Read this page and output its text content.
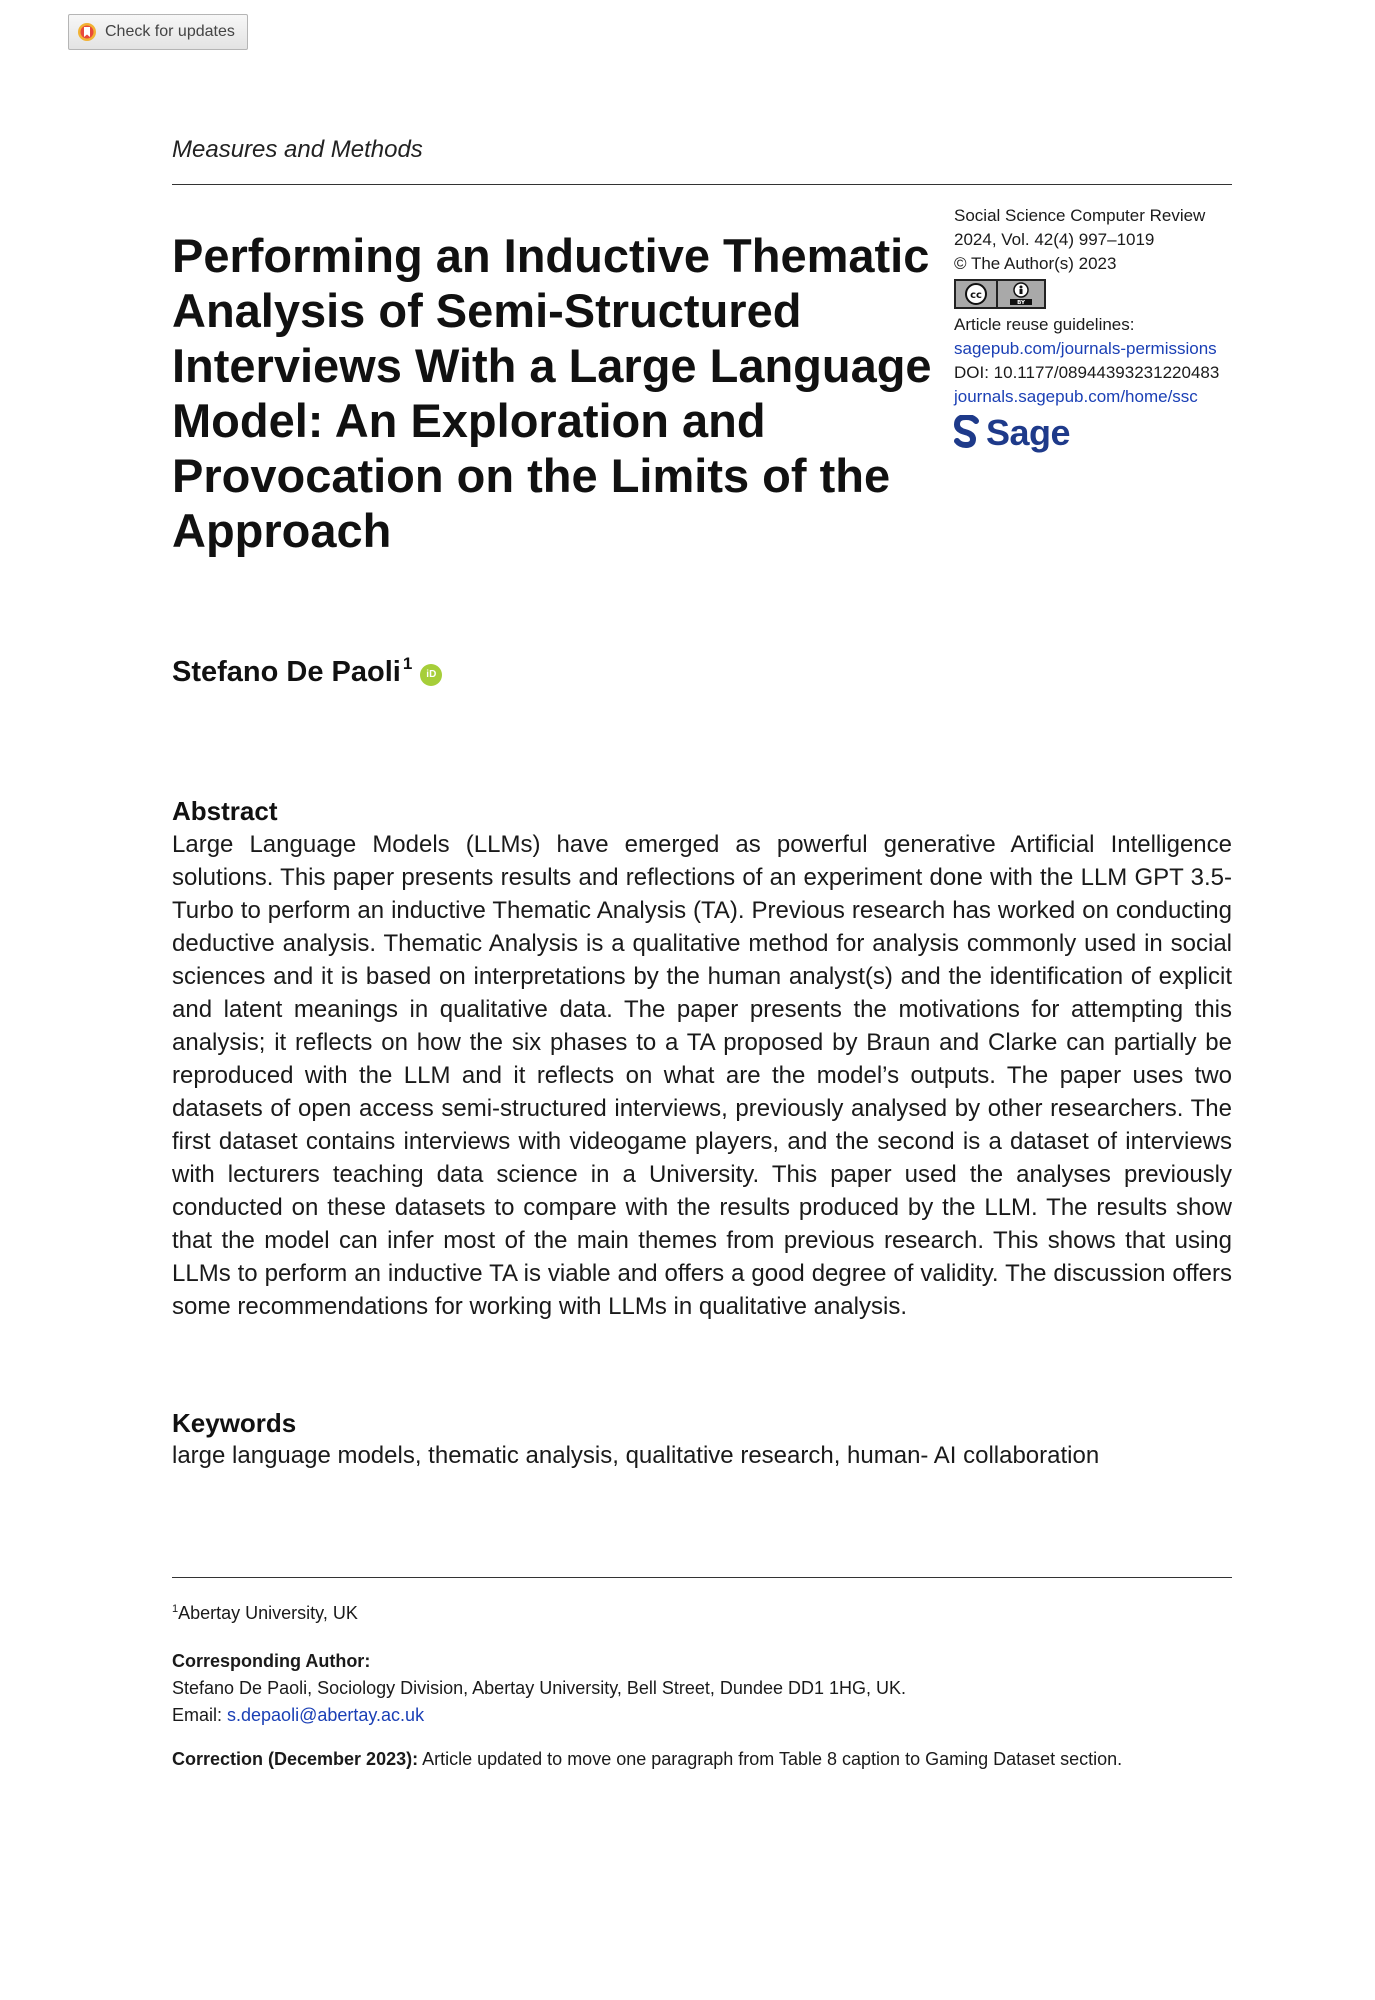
Check for updates
Measures and Methods
Performing an Inductive Thematic Analysis of Semi-Structured Interviews With a Large Language Model: An Exploration and Provocation on the Limits of the Approach
Social Science Computer Review
2024, Vol. 42(4) 997–1019
© The Author(s) 2023
cc
BY
Article reuse guidelines:
sagepub.com/journals-permissions
DOI: 10.1177/08944393231220483
journals.sagepub.com/home/ssc
Sage
Stefano De Paoli$^1$
iD
Abstract

Large Language Models (LLMs) have emerged as powerful generative Artificial Intelligence solutions. This paper presents results and reflections of an experiment done with the LLM GPT 3.5-Turbo to perform an inductive Thematic Analysis (TA). Previous research has worked on conducting deductive analysis. Thematic Analysis is a qualitative method for analysis commonly used in social sciences and it is based on interpretations by the human analyst(s) and the identification of explicit and latent meanings in qualitative data. The paper presents the motivations for attempting this analysis; it reflects on how the six phases to a TA proposed by Braun and Clarke can partially be reproduced with the LLM and it reflects on what are the model’s outputs. The paper uses two datasets of open access semi-structured interviews, previously analysed by other researchers. The first dataset contains interviews with videogame players, and the second is a dataset of interviews with lecturers teaching data science in a University. This paper used the analyses previously conducted on these datasets to compare with the results produced by the LLM. The results show that the model can infer most of the main themes from previous research. This shows that using LLMs to perform an inductive TA is viable and offers a good degree of validity. The discussion offers some recommendations for working with LLMs in qualitative analysis.

Keywords
large language models, thematic analysis, qualitative research, human- AI collaboration
$^1$Abertay University, UK
Corresponding Author:
Stefano De Paoli, Sociology Division, Abertay University, Bell Street, Dundee DD1 1HG, UK.
Email: s.depaoli@abertay.ac.uk
Correction (December 2023): Article updated to move one paragraph from Table 8 caption to Gaming Dataset section.
